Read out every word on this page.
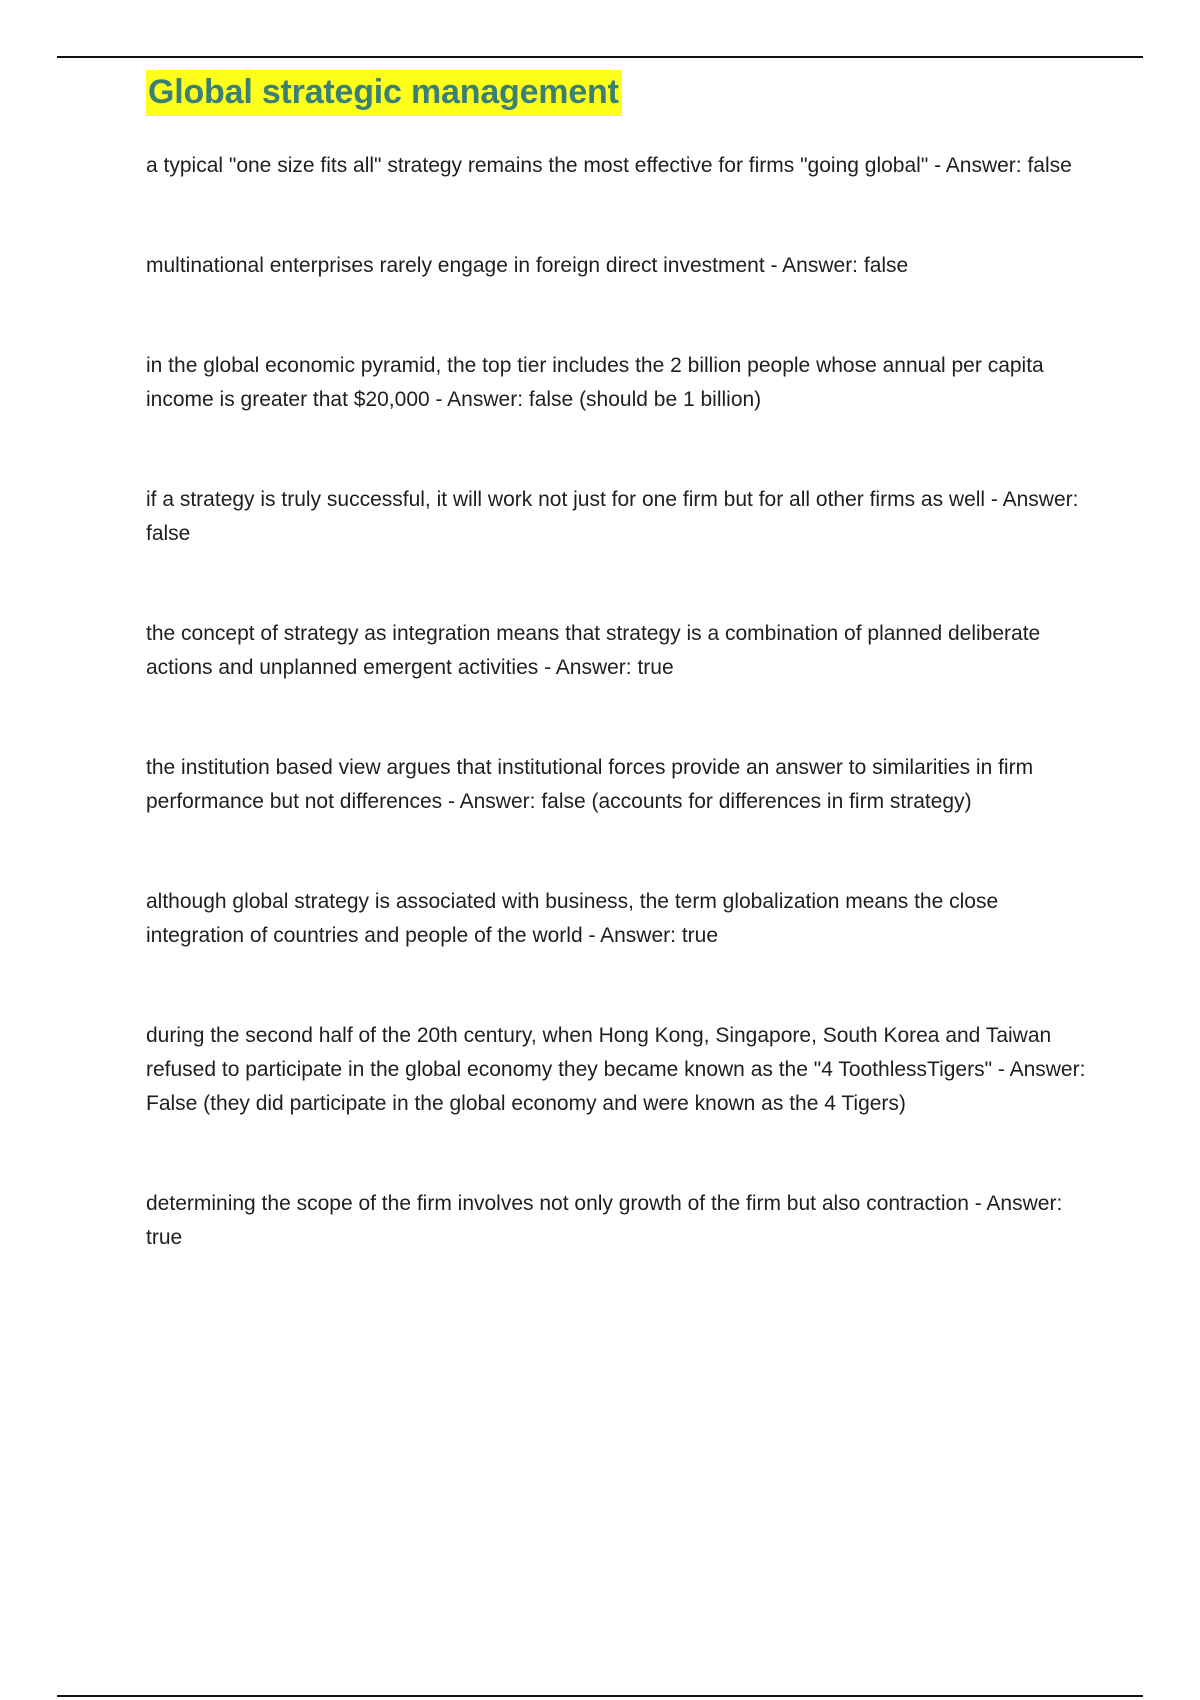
Global strategic management
a typical "one size fits all" strategy remains the most effective for firms "going global" - Answer: false
multinational enterprises rarely engage in foreign direct investment - Answer: false
in the global economic pyramid, the top tier includes the 2 billion people whose annual per capita income is greater that $20,000 - Answer: false (should be 1 billion)
if a strategy is truly successful, it will work not just for one firm but for all other firms as well - Answer: false
the concept of strategy as integration means that strategy is a combination of planned deliberate actions and unplanned emergent activities - Answer: true
the institution based view argues that institutional forces provide an answer to similarities in firm performance but not differences - Answer: false (accounts for differences in firm strategy)
although global strategy is associated with business, the term globalization means the close integration of countries and people of the world - Answer: true
during the second half of the 20th century, when Hong Kong, Singapore, South Korea and Taiwan refused to participate in the global economy they became known as the "4 ToothlessTigers" - Answer: False (they did participate in the global economy and were known as the 4 Tigers)
determining the scope of the firm involves not only growth of the firm but also contraction - Answer: true
